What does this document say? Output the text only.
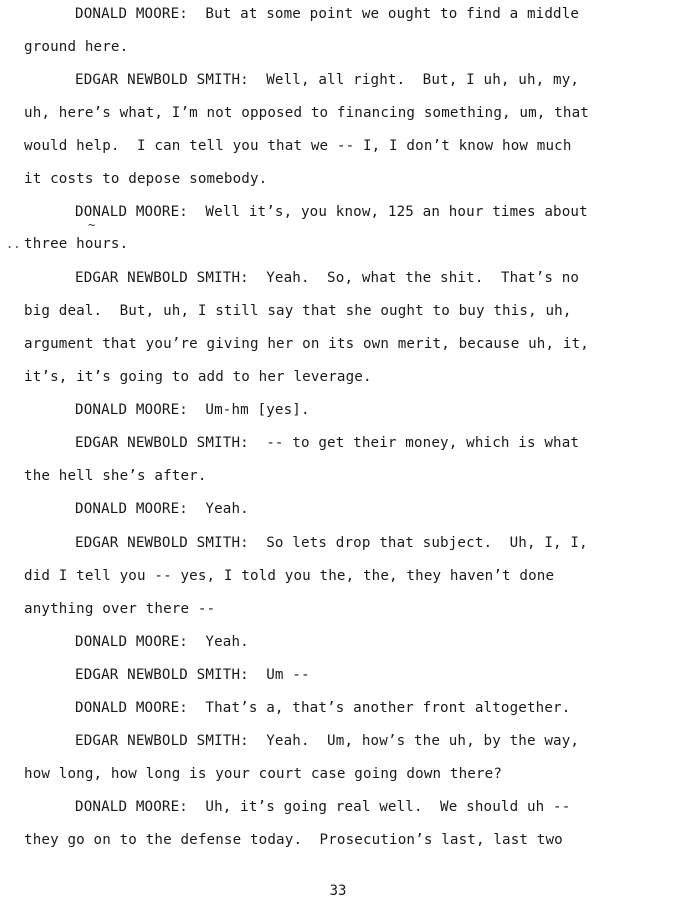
DONALD MOORE:  But at some point we ought to find a middle
ground here.
EDGAR NEWBOLD SMITH:  Well, all right.  But, I uh, uh, my,
uh, here’s what, I’m not opposed to financing something, um, that
would help.  I can tell you that we -- I, I don’t know how much
it costs to depose somebody.
DONALD MOORE:  Well it’s, you know, 125 an hour times about
three hours.
EDGAR NEWBOLD SMITH:  Yeah.  So, what the shit.  That’s no
big deal.  But, uh, I still say that she ought to buy this, uh,
argument that you’re giving her on its own merit, because uh, it,
it’s, it’s going to add to her leverage.
DONALD MOORE:  Um-hm [yes].
EDGAR NEWBOLD SMITH:  -- to get their money, which is what
the hell she’s after.
DONALD MOORE:  Yeah.
EDGAR NEWBOLD SMITH:  So lets drop that subject.  Uh, I, I,
did I tell you -- yes, I told you the, the, they haven’t done
anything over there --
DONALD MOORE:  Yeah.
EDGAR NEWBOLD SMITH:  Um --
DONALD MOORE:  That’s a, that’s another front altogether.
EDGAR NEWBOLD SMITH:  Yeah.  Um, how’s the uh, by the way,
how long, how long is your court case going down there?
DONALD MOORE:  Uh, it’s going real well.  We should uh --
they go on to the defense today.  Prosecution’s last, last two
..
~
33
